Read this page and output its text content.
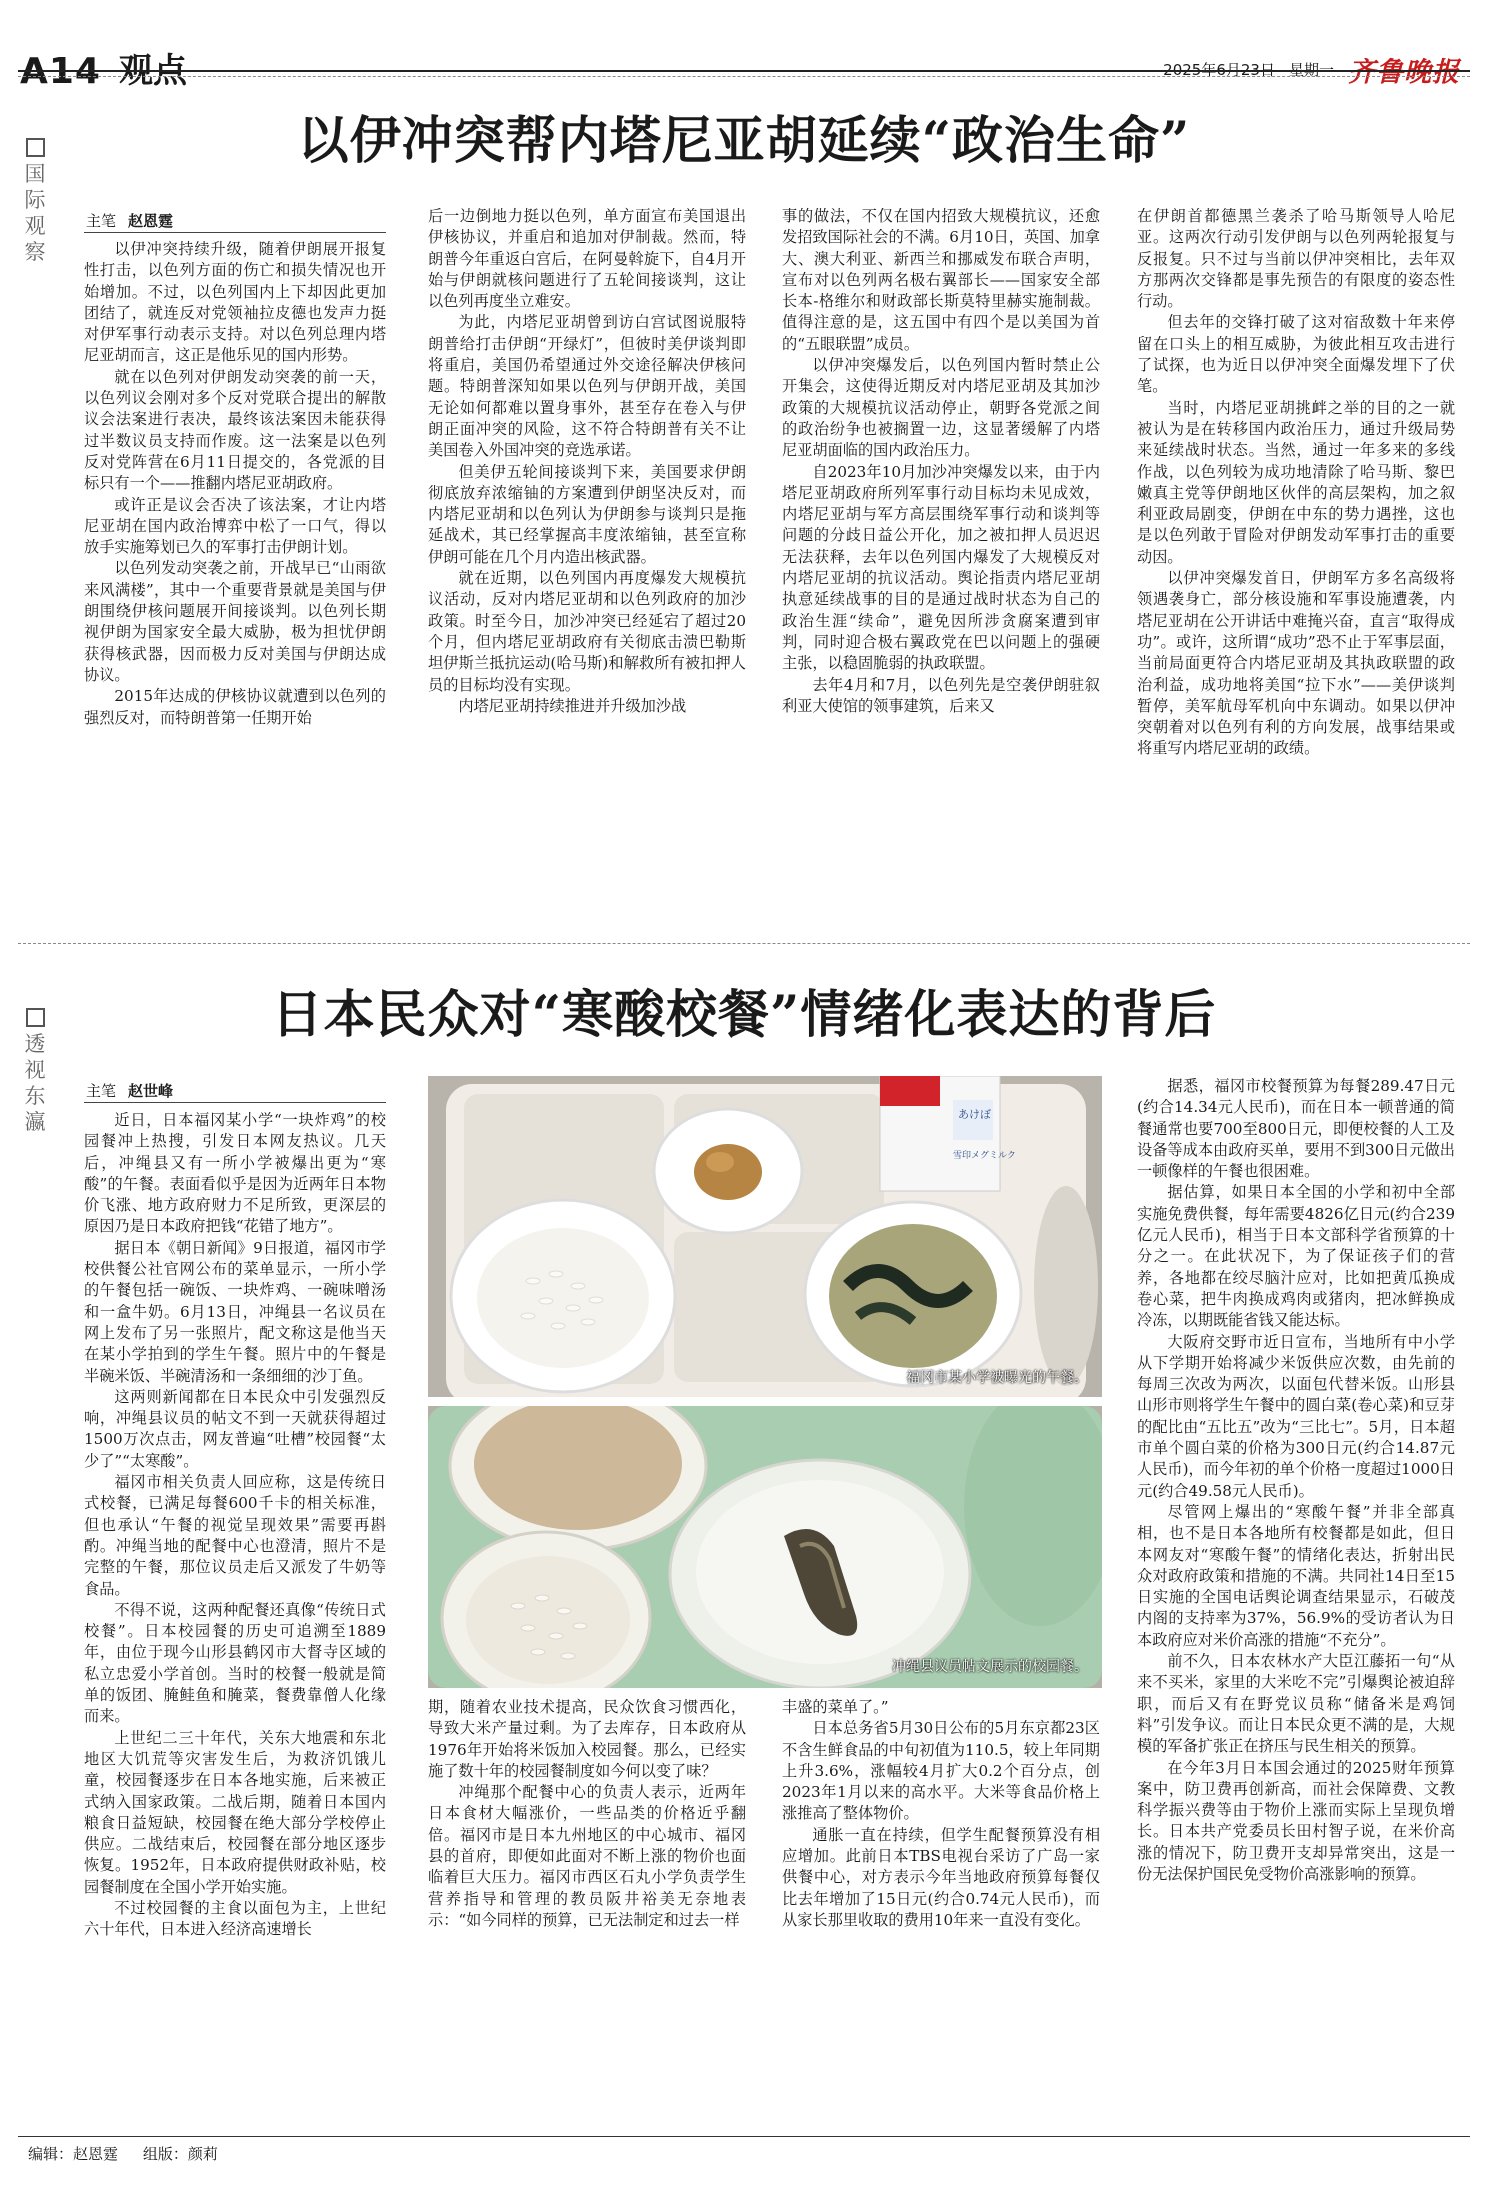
A14 观点	2025年6月23日 星期一 齐鲁晚报
国际观察
以伊冲突帮内塔尼亚胡延续“政治生命”
主笔 赵恩霆

以伊冲突持续升级，随着伊朗展开报复性打击，以色列方面的伤亡和损失情况也开始增加。不过，以色列国内上下却因此更加团结了，就连反对党领袖拉皮德也发声力挺对伊军事行动表示支持。对以色列总理内塔尼亚胡而言，这正是他乐见的国内形势。

就在以色列对伊朗发动突袭的前一天，以色列议会刚对多个反对党联合提出的解散议会法案进行表决，最终该法案因未能获得过半数议员支持而作废。这一法案是以色列反对党阵营在6月11日提交的，各党派的目标只有一个——推翻内塔尼亚胡政府。

或许正是议会否决了该法案，才让内塔尼亚胡在国内政治博弈中松了一口气，得以放手实施筹划已久的军事打击伊朗计划。

以色列发动突袭之前，开战早已“山雨欲来风满楼”，其中一个重要背景就是美国与伊朗围绕伊核问题展开间接谈判。以色列长期视伊朗为国家安全最大威胁，极为担忧伊朗获得核武器，因而极力反对美国与伊朗达成协议。

2015年达成的伊核协议就遭到以色列的强烈反对，而特朗普第一任期开始

后一边倒地力挺以色列，单方面宣布美国退出伊核协议，并重启和追加对伊制裁。然而，特朗普今年重返白宫后，在阿曼斡旋下，自4月开始与伊朗就核问题进行了五轮间接谈判，这让以色列再度坐立难安。

为此，内塔尼亚胡曾到访白宫试图说服特朗普给打击伊朗“开绿灯”，但彼时美伊谈判即将重启，美国仍希望通过外交途径解决伊核问题。特朗普深知如果以色列与伊朗开战，美国无论如何都难以置身事外，甚至存在卷入与伊朗正面冲突的风险，这不符合特朗普有关不让美国卷入外国冲突的竞选承诺。

但美伊五轮间接谈判下来，美国要求伊朗彻底放弃浓缩铀的方案遭到伊朗坚决反对，而内塔尼亚胡和以色列认为伊朗参与谈判只是拖延战术，其已经掌握高丰度浓缩铀，甚至宣称伊朗可能在几个月内造出核武器。

就在近期，以色列国内再度爆发大规模抗议活动，反对内塔尼亚胡和以色列政府的加沙政策。时至今日，加沙冲突已经延宕了超过20个月，但内塔尼亚胡政府有关彻底击溃巴勒斯坦伊斯兰抵抗运动(哈马斯)和解救所有被扣押人员的目标均没有实现。

内塔尼亚胡持续推进并升级加沙战

事的做法，不仅在国内招致大规模抗议，还愈发招致国际社会的不满。6月10日，英国、加拿大、澳大利亚、新西兰和挪威发布联合声明，宣布对以色列两名极右翼部长——国家安全部长本-格维尔和财政部长斯莫特里赫实施制裁。值得注意的是，这五国中有四个是以美国为首的“五眼联盟”成员。

以伊冲突爆发后，以色列国内暂时禁止公开集会，这使得近期反对内塔尼亚胡及其加沙政策的大规模抗议活动停止，朝野各党派之间的政治纷争也被搁置一边，这显著缓解了内塔尼亚胡面临的国内政治压力。

自2023年10月加沙冲突爆发以来，由于内塔尼亚胡政府所列军事行动目标均未见成效，内塔尼亚胡与军方高层围绕军事行动和谈判等问题的分歧日益公开化，加之被扣押人员迟迟无法获释，去年以色列国内爆发了大规模反对内塔尼亚胡的抗议活动。舆论指责内塔尼亚胡执意延续战事的目的是通过战时状态为自己的政治生涯“续命”，避免因所涉贪腐案遭到审判，同时迎合极右翼政党在巴以问题上的强硬主张，以稳固脆弱的执政联盟。

去年4月和7月，以色列先是空袭伊朗驻叙利亚大使馆的领事建筑，后来又

在伊朗首都德黑兰袭杀了哈马斯领导人哈尼亚。这两次行动引发伊朗与以色列两轮报复与反报复。只不过与当前以伊冲突相比，去年双方那两次交锋都是事先预告的有限度的姿态性行动。

但去年的交锋打破了这对宿敌数十年来停留在口头上的相互威胁，为彼此相互攻击进行了试探，也为近日以伊冲突全面爆发埋下了伏笔。

当时，内塔尼亚胡挑衅之举的目的之一就被认为是在转移国内政治压力，通过升级局势来延续战时状态。当然，通过一年多来的多线作战，以色列较为成功地清除了哈马斯、黎巴嫩真主党等伊朗地区伙伴的高层架构，加之叙利亚政局剧变，伊朗在中东的势力遇挫，这也是以色列敢于冒险对伊朗发动军事打击的重要动因。

以伊冲突爆发首日，伊朗军方多名高级将领遇袭身亡，部分核设施和军事设施遭袭，内塔尼亚胡在公开讲话中难掩兴奋，直言“取得成功”。或许，这所谓“成功”恐不止于军事层面，当前局面更符合内塔尼亚胡及其执政联盟的政治利益，成功地将美国“拉下水”——美伊谈判暂停，美军航母军机向中东调动。如果以伊冲突朝着对以色列有利的方向发展，战事结果或将重写内塔尼亚胡的政绩。

透视东瀛
日本民众对“寒酸校餐”情绪化表达的背后
主笔 赵世峰

近日，日本福冈某小学“一块炸鸡”的校园餐冲上热搜，引发日本网友热议。几天后，冲绳县又有一所小学被爆出更为“寒酸”的午餐。表面看似乎是因为近两年日本物价飞涨、地方政府财力不足所致，更深层的原因乃是日本政府把钱“花错了地方”。

据日本《朝日新闻》9日报道，福冈市学校供餐公社官网公布的菜单显示，一所小学的午餐包括一碗饭、一块炸鸡、一碗味噌汤和一盒牛奶。6月13日，冲绳县一名议员在网上发布了另一张照片，配文称这是他当天在某小学拍到的学生午餐。照片中的午餐是半碗米饭、半碗清汤和一条细细的沙丁鱼。

这两则新闻都在日本民众中引发强烈反响，冲绳县议员的帖文不到一天就获得超过1500万次点击，网友普遍“吐槽”校园餐“太少了”“太寒酸”。

福冈市相关负责人回应称，这是传统日式校餐，已满足每餐600千卡的相关标准，但也承认“午餐的视觉呈现效果”需要再斟酌。冲绳当地的配餐中心也澄清，照片不是完整的午餐，那位议员走后又派发了牛奶等食品。

不得不说，这两种配餐还真像“传统日式校餐”。日本校园餐的历史可追溯至1889年，由位于现今山形县鹤冈市大督寺区域的私立忠爱小学首创。当时的校餐一般就是简单的饭团、腌鲑鱼和腌菜，餐费靠僧人化缘而来。

上世纪二三十年代，关东大地震和东北地区大饥荒等灾害发生后，为救济饥饿儿童，校园餐逐步在日本各地实施，后来被正式纳入国家政策。二战后期，随着日本国内粮食日益短缺，校园餐在绝大部分学校停止供应。二战结束后，校园餐在部分地区逐步恢复。1952年，日本政府提供财政补贴，校园餐制度在全国小学开始实施。

不过校园餐的主食以面包为主，上世纪六十年代，日本进入经济高速增长

あけぼ
雪印メグミルク
福冈市某小学被曝光的午餐。
冲绳县议员帖文展示的校园餐。

期，随着农业技术提高，民众饮食习惯西化，导致大米产量过剩。为了去库存，日本政府从1976年开始将米饭加入校园餐。那么，已经实施了数十年的校园餐制度如今何以变了味？

冲绳那个配餐中心的负责人表示，近两年日本食材大幅涨价，一些品类的价格近乎翻倍。福冈市是日本九州地区的中心城市、福冈县的首府，即便如此面对不断上涨的物价也面临着巨大压力。福冈市西区石丸小学负责学生营养指导和管理的教员阪井裕美无奈地表示：“如今同样的预算，已无法制定和过去一样

丰盛的菜单了。”

日本总务省5月30日公布的5月东京都23区不含生鲜食品的中旬初值为110.5，较上年同期上升3.6%，涨幅较4月扩大0.2个百分点，创2023年1月以来的高水平。大米等食品价格上涨推高了整体物价。

通胀一直在持续，但学生配餐预算没有相应增加。此前日本TBS电视台采访了广岛一家供餐中心，对方表示今年当地政府预算每餐仅比去年增加了15日元(约合0.74元人民币)，而从家长那里收取的费用10年来一直没有变化。

据悉，福冈市校餐预算为每餐289.47日元(约合14.34元人民币)，而在日本一顿普通的简餐通常也要700至800日元，即便校餐的人工及设备等成本由政府买单，要用不到300日元做出一顿像样的午餐也很困难。

据估算，如果日本全国的小学和初中全部实施免费供餐，每年需要4826亿日元(约合239亿元人民币)，相当于日本文部科学省预算的十分之一。在此状况下，为了保证孩子们的营养，各地都在绞尽脑汁应对，比如把黄瓜换成卷心菜，把牛肉换成鸡肉或猪肉，把冰鲜换成冷冻，以期既能省钱又能达标。

大阪府交野市近日宣布，当地所有中小学从下学期开始将减少米饭供应次数，由先前的每周三次改为两次，以面包代替米饭。山形县山形市则将学生午餐中的圆白菜(卷心菜)和豆芽的配比由“五比五”改为“三比七”。5月，日本超市单个圆白菜的价格为300日元(约合14.87元人民币)，而今年初的单个价格一度超过1000日元(约合49.58元人民币)。

尽管网上爆出的“寒酸午餐”并非全部真相，也不是日本各地所有校餐都是如此，但日本网友对“寒酸午餐”的情绪化表达，折射出民众对政府政策和措施的不满。共同社14日至15日实施的全国电话舆论调查结果显示，石破茂内阁的支持率为37%，56.9%的受访者认为日本政府应对米价高涨的措施“不充分”。

前不久，日本农林水产大臣江藤拓一句“从来不买米，家里的大米吃不完”引爆舆论被迫辞职，而后又有在野党议员称“储备米是鸡饲料”引发争议。而让日本民众更不满的是，大规模的军备扩张正在挤压与民生相关的预算。

在今年3月日本国会通过的2025财年预算案中，防卫费再创新高，而社会保障费、文教科学振兴费等由于物价上涨而实际上呈现负增长。日本共产党委员长田村智子说，在米价高涨的情况下，防卫费开支却异常突出，这是一份无法保护国民免受物价高涨影响的预算。

编辑：赵恩霆 组版：颜莉
